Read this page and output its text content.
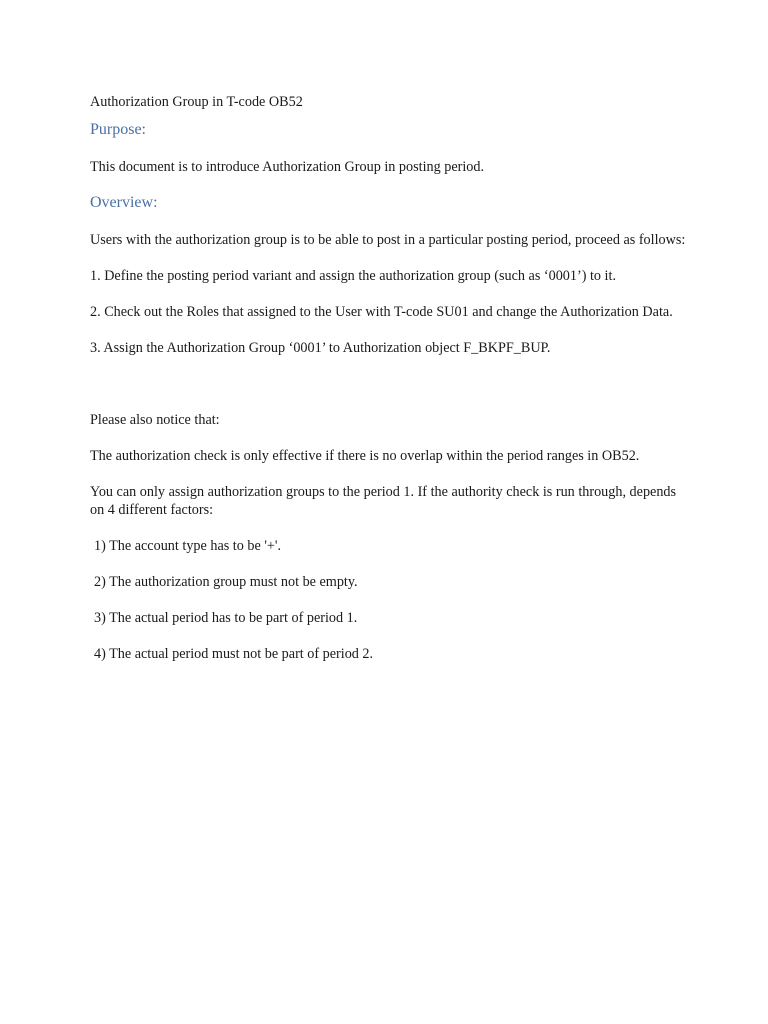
Authorization Group in T-code OB52

Purpose:

This document is to introduce Authorization Group in posting period.

Overview:

Users with the authorization group is to be able to post in a particular posting period, proceed as follows:

1. Define the posting period variant and assign the authorization group (such as ‘0001’) to it.

2. Check out the Roles that assigned to the User with T-code SU01 and change the Authorization Data.

3. Assign the Authorization Group ‘0001’ to Authorization object F_BKPF_BUP.

Please also notice that:

The authorization check is only effective if there is no overlap within the period ranges in OB52.

You can only assign authorization groups to the period 1. If the authority check is run through, depends on 4 different factors:

1) The account type has to be '+'.

2) The authorization group must not be empty.

3) The actual period has to be part of period 1.

4) The actual period must not be part of period 2.
